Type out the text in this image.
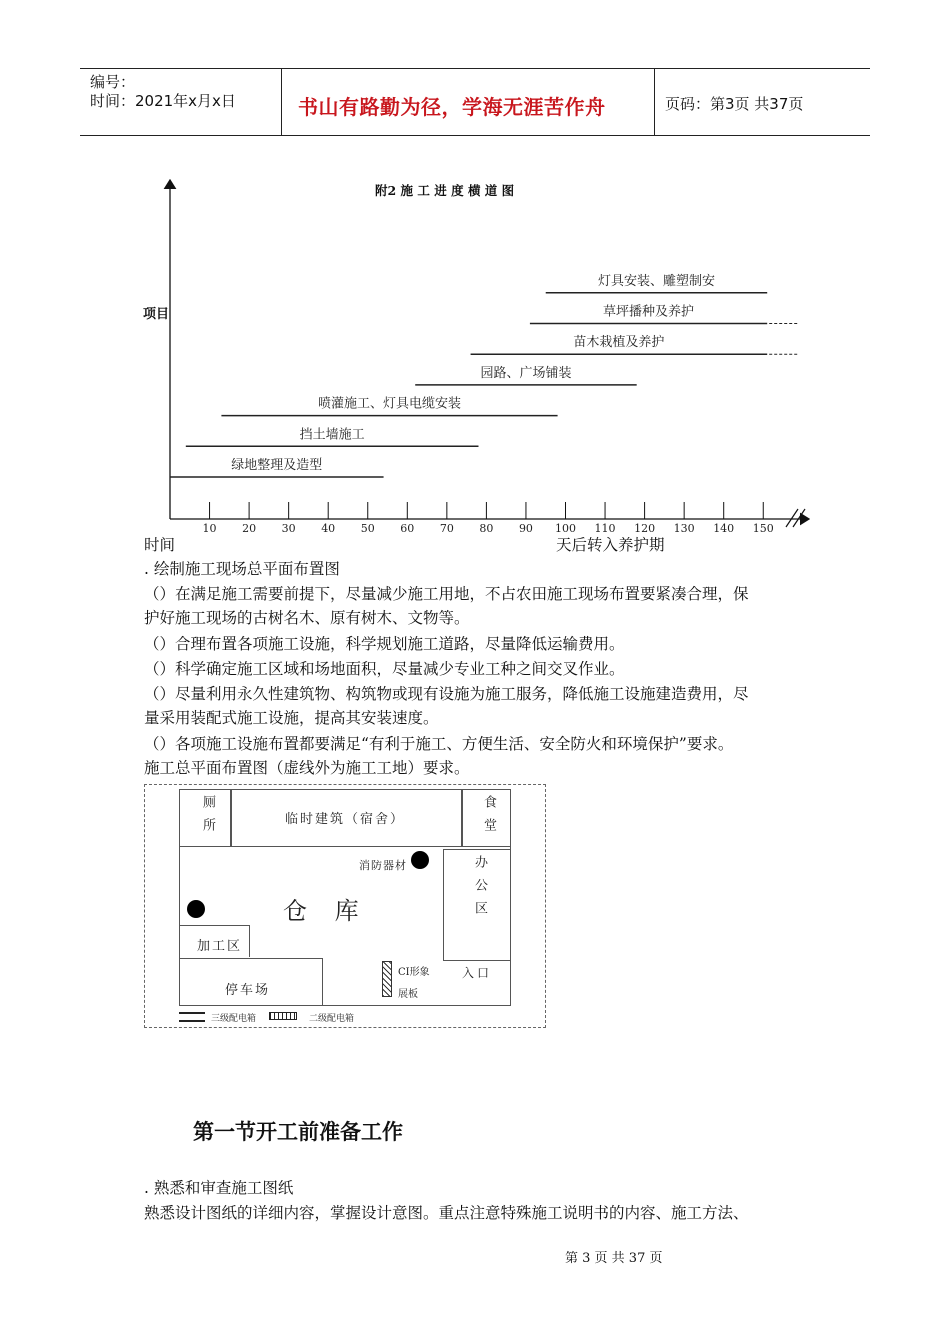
编号：
时间：2021年x月x日	书山有路勤为径，学海无涯苦作舟	页码：第3页 共37页
绿地整理及造型
挡土墙施工
喷灌施工、灯具电缆安装
园路、广场铺装
苗木栽植及养护
草坪播种及养护
灯具安装、雕塑制安
10 20 30 40 50 60 70 80 90 100 110 120 130 140 150
附2 施 工 进 度 横 道 图
项目
时间	天后转入养护期
. 绘制施工现场总平面布置图
（）在满足施工需要前提下，尽量减少施工用地，不占农田施工现场布置要紧凑合理，保
护好施工现场的古树名木、原有树木、文物等。
（）合理布置各项施工设施，科学规划施工道路，尽量降低运输费用。
（）科学确定施工区域和场地面积，尽量减少专业工种之间交叉作业。
（）尽量利用永久性建筑物、构筑物或现有设施为施工服务，降低施工设施建造费用，尽
量采用装配式施工设施，提高其安装速度。
（）各项施工设施布置都要满足“有利于施工、方便生活、安全防火和环境保护”要求。
施工总平面布置图（虚线外为施工工地）要求。
厕所	临时建筑（宿舍）	食堂
办公区
消防器材
仓 库
加工区
停车场
CI形象
展板
入口
三级配电箱	二级配电箱
第一节开工前准备工作
. 熟悉和审查施工图纸
熟悉设计图纸的详细内容，掌握设计意图。重点注意特殊施工说明书的内容、施工方法、
第 3 页 共 37 页
